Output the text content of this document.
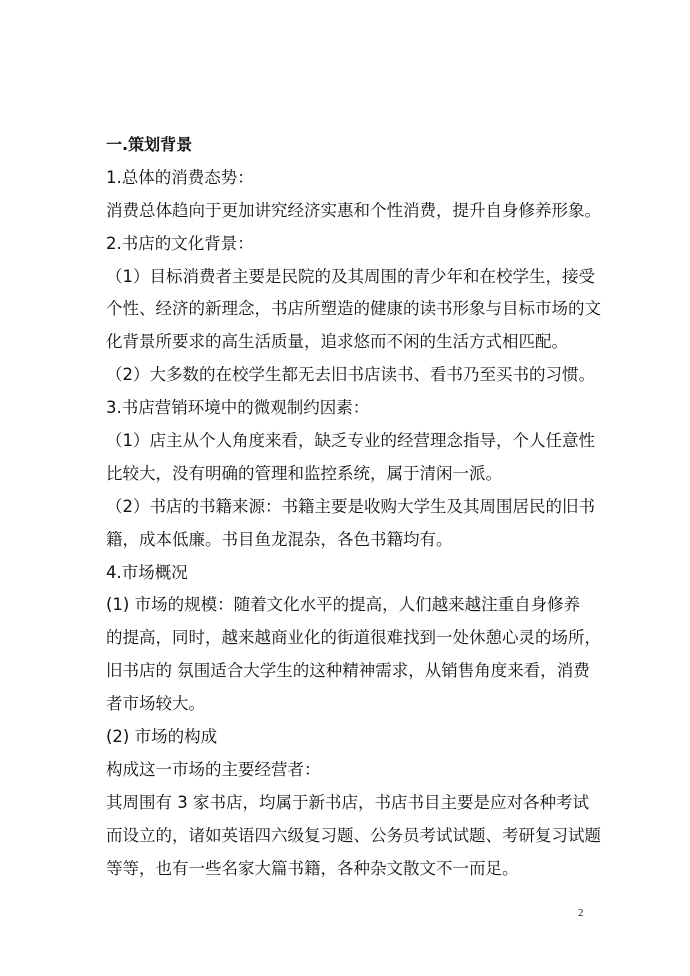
一.策划背景
1.总体的消费态势：
消费总体趋向于更加讲究经济实惠和个性消费，提升自身修养形象。
2.书店的文化背景：
（1）目标消费者主要是民院的及其周围的青少年和在校学生，接受
个性、经济的新理念，书店所塑造的健康的读书形象与目标市场的文
化背景所要求的高生活质量，追求悠而不闲的生活方式相匹配。
（2）大多数的在校学生都无去旧书店读书、看书乃至买书的习惯。
3.书店营销环境中的微观制约因素：
（1）店主从个人角度来看，缺乏专业的经营理念指导，个人任意性
比较大，没有明确的管理和监控系统，属于清闲一派。
（2）书店的书籍来源：书籍主要是收购大学生及其周围居民的旧书
籍，成本低廉。书目鱼龙混杂，各色书籍均有。
4.市场概况
(1) 市场的规模：随着文化水平的提高，人们越来越注重自身修养
的提高，同时，越来越商业化的街道很难找到一处休憩心灵的场所，
旧书店的 氛围适合大学生的这种精神需求，从销售角度来看，消费
者市场较大。
(2) 市场的构成
构成这一市场的主要经营者：
其周围有 3 家书店，均属于新书店，书店书目主要是应对各种考试
而设立的，诸如英语四六级复习题、公务员考试试题、考研复习试题
等等，也有一些名家大篇书籍，各种杂文散文不一而足。
2
